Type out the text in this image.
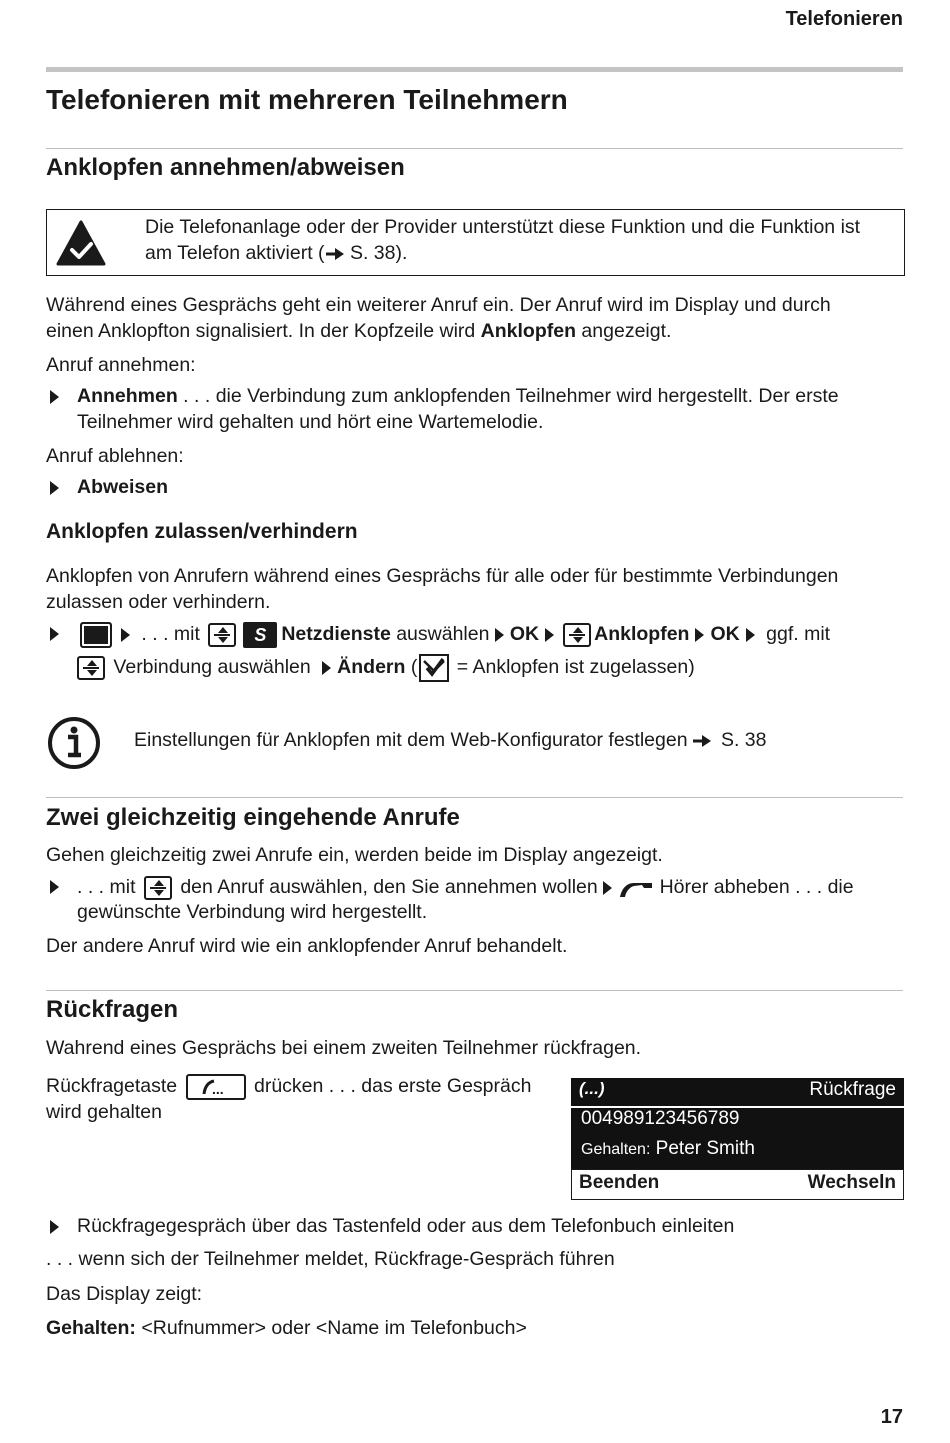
Telefonieren
Telefonieren mit mehreren Teilnehmern
Anklopfen annehmen/abweisen
Die Telefonanlage oder der Provider unterstützt diese Funktion und die Funktion ist
am Telefon aktiviert ( S. 38).
Während eines Gesprächs geht ein weiterer Anruf ein. Der Anruf wird im Display und durch
einen Anklopfton signalisiert. In der Kopfzeile wird Anklopfen angezeigt.
Anruf annehmen:
Annehmen . . . die Verbindung zum anklopfenden Teilnehmer wird hergestellt. Der erste
Teilnehmer wird gehalten und hört eine Wartemelodie.
Anruf ablehnen:
Abweisen
Anklopfen zulassen/verhindern
Anklopfen von Anrufern während eines Gesprächs für alle oder für bestimmte Verbindungen
zulassen oder verhindern.
. . . mit	S Netzdienste auswählen OK	Anklopfen OK ggf. mit
Verbindung auswählen Ändern (
= Anklopfen ist zugelassen)
Einstellungen für Anklopfen mit dem Web-Konfigurator festlegen S. 38
Zwei gleichzeitig eingehende Anrufe
Gehen gleichzeitig zwei Anrufe ein, werden beide im Display angezeigt.
. . . mit
den Anruf auswählen, den Sie annehmen wollen	Hörer abheben . . . die
gewünschte Verbindung wird hergestellt.
Der andere Anruf wird wie ein anklopfender Anruf behandelt.
Rückfragen
Wahrend eines Gesprächs bei einem zweiten Teilnehmer rückfragen.
Rückfragetaste ... drücken . . . das erste Gespräch
wird gehalten
(...)	Rückfrage
004989123456789
Gehalten: Peter Smith
Beenden	Wechseln
Rückfragegespräch über das Tastenfeld oder aus dem Telefonbuch einleiten
. . . wenn sich der Teilnehmer meldet, Rückfrage-Gespräch führen
Das Display zeigt:
Gehalten: <Rufnummer> oder <Name im Telefonbuch>
17
